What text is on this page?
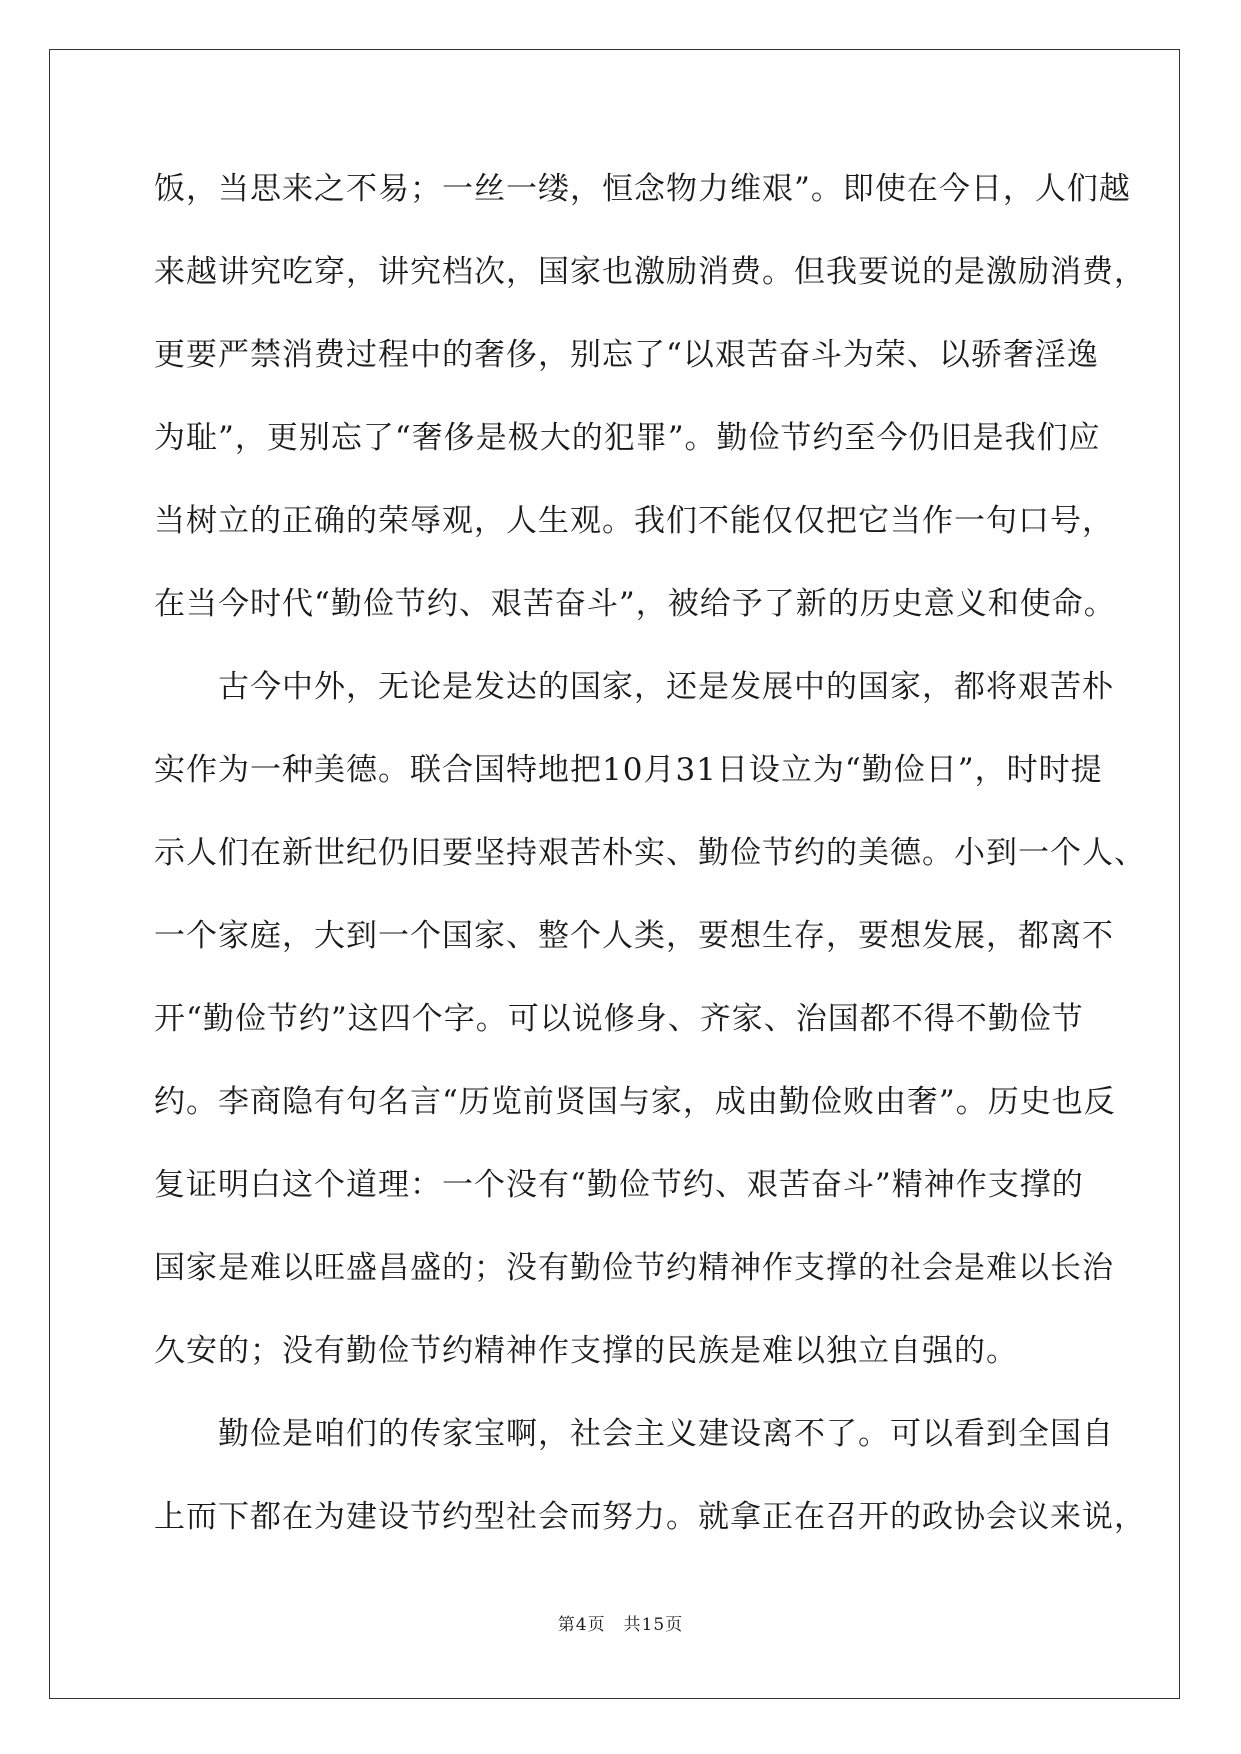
饭，当思来之不易；一丝一缕，恒念物力维艰”。即使在今日，人们越
来越讲究吃穿，讲究档次，国家也激励消费。但我要说的是激励消费，
更要严禁消费过程中的奢侈，别忘了“以艰苦奋斗为荣、以骄奢淫逸
为耻”，更别忘了“奢侈是极大的犯罪”。勤俭节约至今仍旧是我们应
当树立的正确的荣辱观，人生观。我们不能仅仅把它当作一句口号，
在当今时代“勤俭节约、艰苦奋斗”，被给予了新的历史意义和使命。
　　古今中外，无论是发达的国家，还是发展中的国家，都将艰苦朴
实作为一种美德。联合国特地把10月31日设立为“勤俭日”，时时提
示人们在新世纪仍旧要坚持艰苦朴实、勤俭节约的美德。小到一个人、
一个家庭，大到一个国家、整个人类，要想生存，要想发展，都离不
开“勤俭节约”这四个字。可以说修身、齐家、治国都不得不勤俭节
约。李商隐有句名言“历览前贤国与家，成由勤俭败由奢”。历史也反
复证明白这个道理：一个没有“勤俭节约、艰苦奋斗”精神作支撑的
国家是难以旺盛昌盛的；没有勤俭节约精神作支撑的社会是难以长治
久安的；没有勤俭节约精神作支撑的民族是难以独立自强的。
　　勤俭是咱们的传家宝啊，社会主义建设离不了。可以看到全国自
上而下都在为建设节约型社会而努力。就拿正在召开的政协会议来说，
第4页　共15页
